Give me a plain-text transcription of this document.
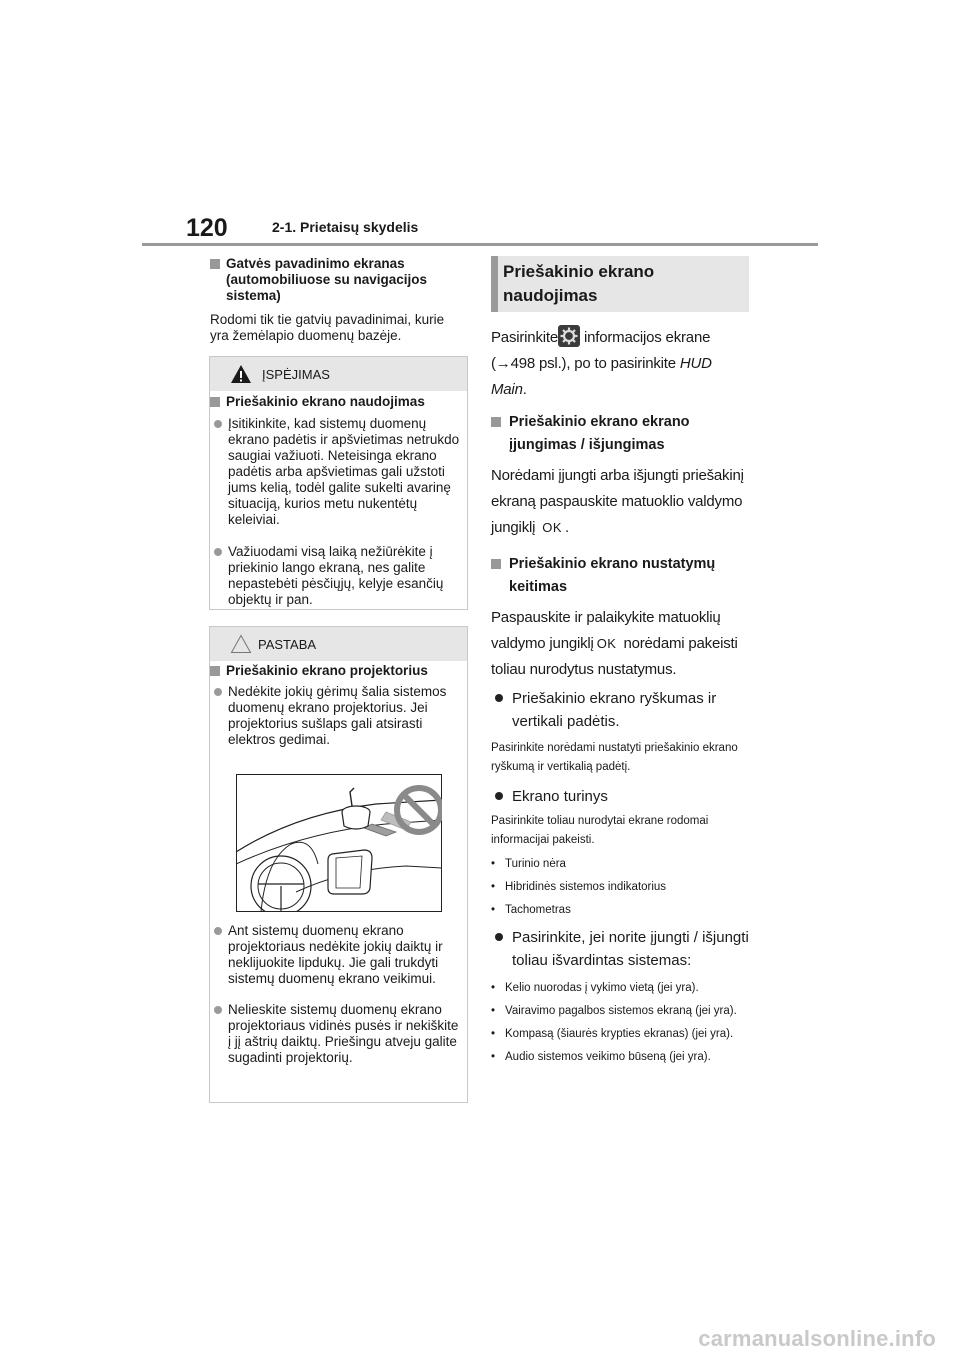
120	2-1. Prietaisų skydelis
Gatvės pavadinimo ekranas (automobiliuose su navigacijos sistema)
Rodomi tik tie gatvių pavadinimai, kurie yra žemėlapio duomenų bazėje.
ĮSPĖJIMAS
Priešakinio ekrano naudojimas
Įsitikinkite, kad sistemų duomenų ekrano padėtis ir apšvietimas netrukdo saugiai važiuoti. Neteisinga ekrano padėtis arba apšvietimas gali užstoti jums kelią, todėl galite sukelti avarinę situaciją, kurios metu nukentėtų keleiviai.
Važiuodami visą laiką nežiūrėkite į priekinio lango ekraną, nes galite nepastebėti pėsčiųjų, kelyje esančių objektų ir pan.
PASTABA
Priešakinio ekrano projektorius
Nedėkite jokių gėrimų šalia sistemos duomenų ekrano projektorius. Jei projektorius sušlaps gali atsirasti elektros gedimai.
Ant sistemų duomenų ekrano projektoriaus nedėkite jokių daiktų ir neklijuokite lipdukų. Jie gali trukdyti sistemų duomenų ekrano veikimui.
Nelieskite sistemų duomenų ekrano projektoriaus vidinės pusės ir nekiškite į jį aštrių daiktų. Priešingu atveju galite sugadinti projektorių.
Priešakinio ekrano
naudojimas
Pasirinkite
informacijos ekrane
(→498 psl.), po to pasirinkite HUD Main.
Priešakinio ekrano ekrano įjungimas / išjungimas
Norėdami įjungti arba išjungti priešakinį ekraną paspauskite matuoklio valdymo jungiklį OK .
Priešakinio ekrano nustatymų keitimas
Paspauskite ir palaikykite matuoklių valdymo jungiklį OK norėdami pakeisti toliau nurodytus nustatymus.
Priešakinio ekrano ryškumas ir vertikali padėtis.
Pasirinkite norėdami nustatyti priešakinio ekrano ryškumą ir vertikalią padėtį.
Ekrano turinys
Pasirinkite toliau nurodytai ekrane rodomai informacijai pakeisti.
• Turinio nėra
• Hibridinės sistemos indikatorius
• Tachometras
Pasirinkite, jei norite įjungti / išjungti toliau išvardintas sistemas:
• Kelio nuorodas į vykimo vietą (jei yra).
• Vairavimo pagalbos sistemos ekraną (jei yra).
• Kompasą (šiaurės krypties ekranas) (jei yra).
• Audio sistemos veikimo būseną (jei yra).
carmanualsonline.info
